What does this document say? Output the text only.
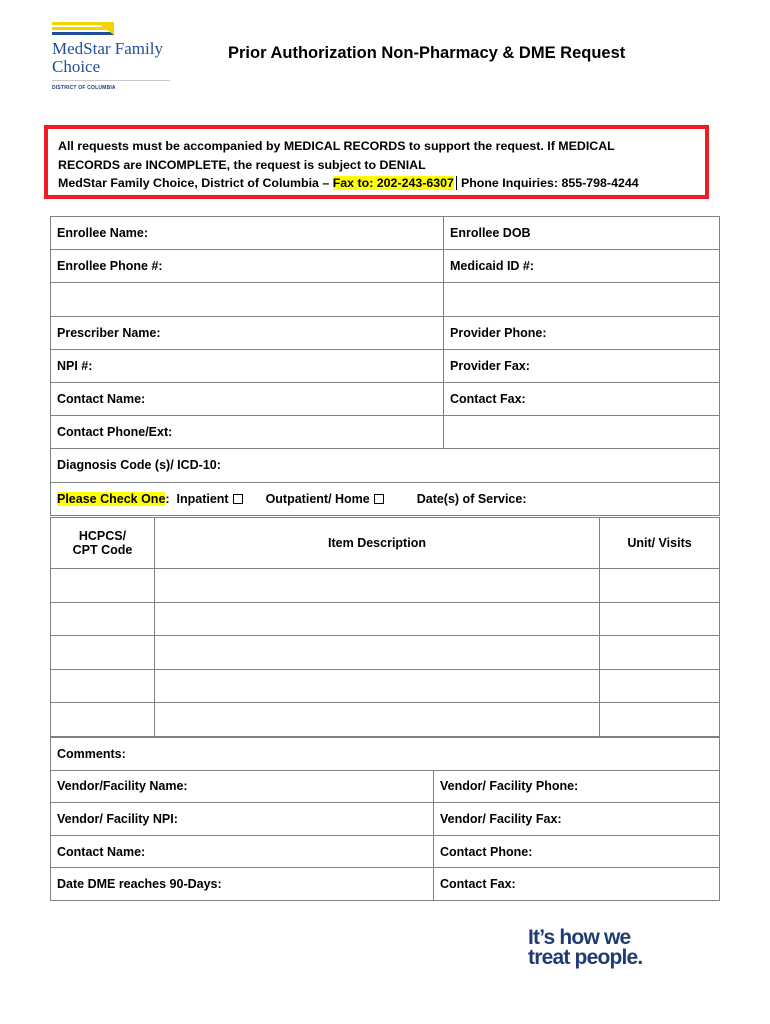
MedStar Family
Choice
DISTRICT OF COLUMBIA
Prior Authorization Non-Pharmacy & DME Request
All requests must be accompanied by MEDICAL RECORDS to support the request. If MEDICAL
RECORDS are INCOMPLETE, the request is subject to DENIAL
MedStar Family Choice, District of Columbia – Fax to: 202-243-6307 Phone Inquiries: 855-798-4244
Enrollee Name:	Enrollee DOB
Enrollee Phone #:	Medicaid ID #:

Prescriber Name:	Provider Phone:
NPI #:	Provider Fax:
Contact Name:	Contact Fax:
Contact Phone/Ext:	
Diagnosis Code (s)/ ICD-10:	
Please Check One:  Inpatient Outpatient/ Home Date(s) of Service:	
HCPCS/
CPT Code	Item Description	Unit/ Visits

Comments:	
Vendor/Facility Name:	Vendor/ Facility Phone:
Vendor/ Facility NPI:	Vendor/ Facility Fax:
Contact Name:	Contact Phone:
Date DME reaches 90-Days:	Contact Fax:
It’s how we
treat people.
